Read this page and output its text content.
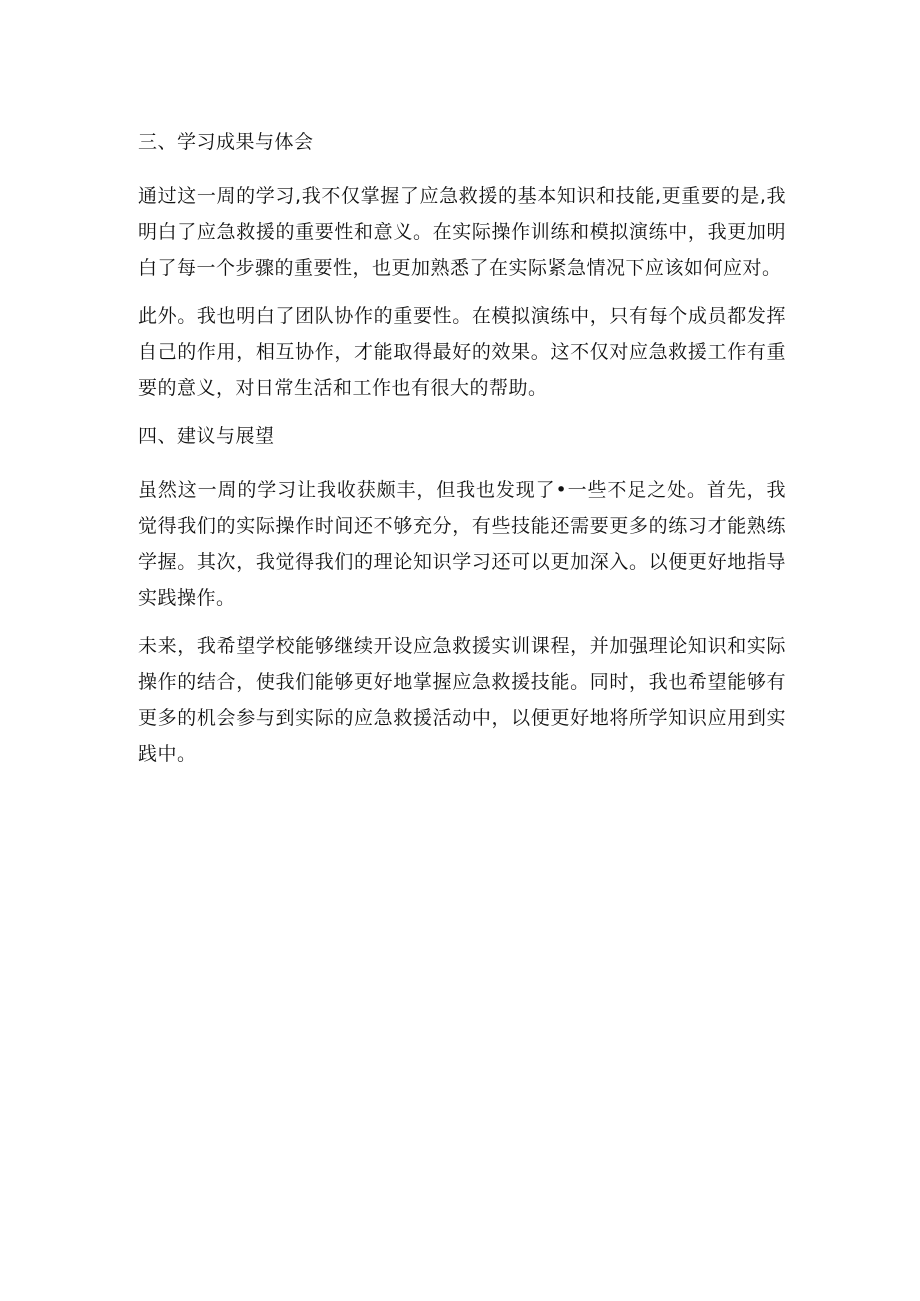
三、学习成果与体会

通过这一周的学习,我不仅掌握了应急救援的基本知识和技能,更重要的是,我明白了应急救援的重要性和意义。在实际操作训练和模拟演练中，我更加明白了每一个步骤的重要性，也更加熟悉了在实际紧急情况下应该如何应对。

此外。我也明白了团队协作的重要性。在模拟演练中，只有每个成员都发挥自己的作用，相互协作，才能取得最好的效果。这不仅对应急救援工作有重要的意义，对日常生活和工作也有很大的帮助。

四、建议与展望

虽然这一周的学习让我收获颇丰，但我也发现了•一些不足之处。首先，我觉得我们的实际操作时间还不够充分，有些技能还需要更多的练习才能熟练学握。其次，我觉得我们的理论知识学习还可以更加深入。以便更好地指导实践操作。

未来，我希望学校能够继续开设应急救援实训课程，并加强理论知识和实际操作的结合，使我们能够更好地掌握应急救援技能。同时，我也希望能够有更多的机会参与到实际的应急救援活动中，以便更好地将所学知识应用到实践中。
